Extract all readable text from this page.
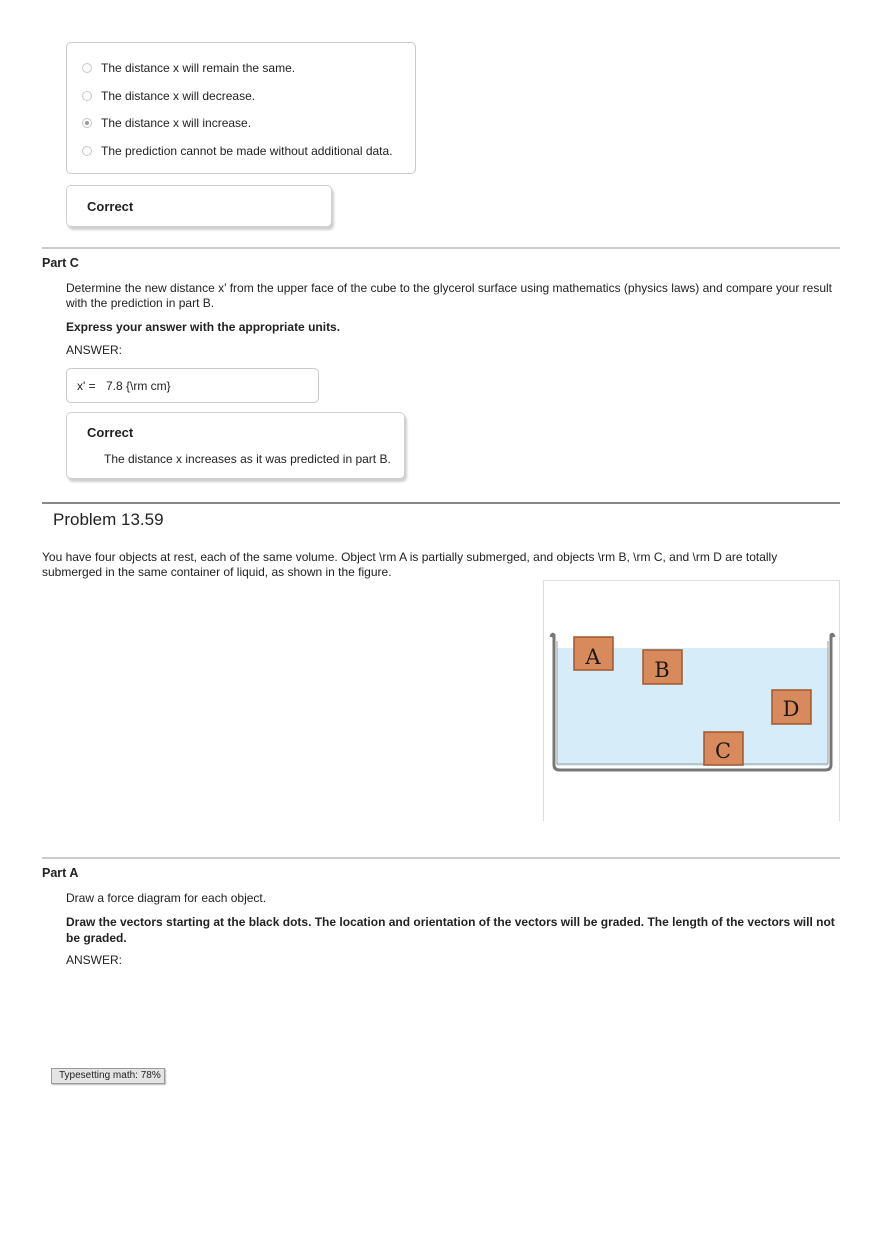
The distance x will remain the same.
The distance x will decrease.
The distance x will increase.
The prediction cannot be made without additional data.
Correct
Part C
Determine the new distance x' from the upper face of the cube to the glycerol surface using mathematics (physics laws) and compare your result with the prediction in part B.
Express your answer with the appropriate units.
ANSWER:
x' = 7.8 {\rm cm}
Correct
The distance x increases as it was predicted in part B.
Problem 13.59
You have four objects at rest, each of the same volume. Object \rm A is partially submerged, and objects \rm B, \rm C, and \rm D are totally submerged in the same container of liquid, as shown in the figure.
A
B
D
C
Part A
Draw a force diagram for each object.
Draw the vectors starting at the black dots. The location and orientation of the vectors will be graded. The length of the vectors will not be graded.
ANSWER:
Typesetting math: 78%
